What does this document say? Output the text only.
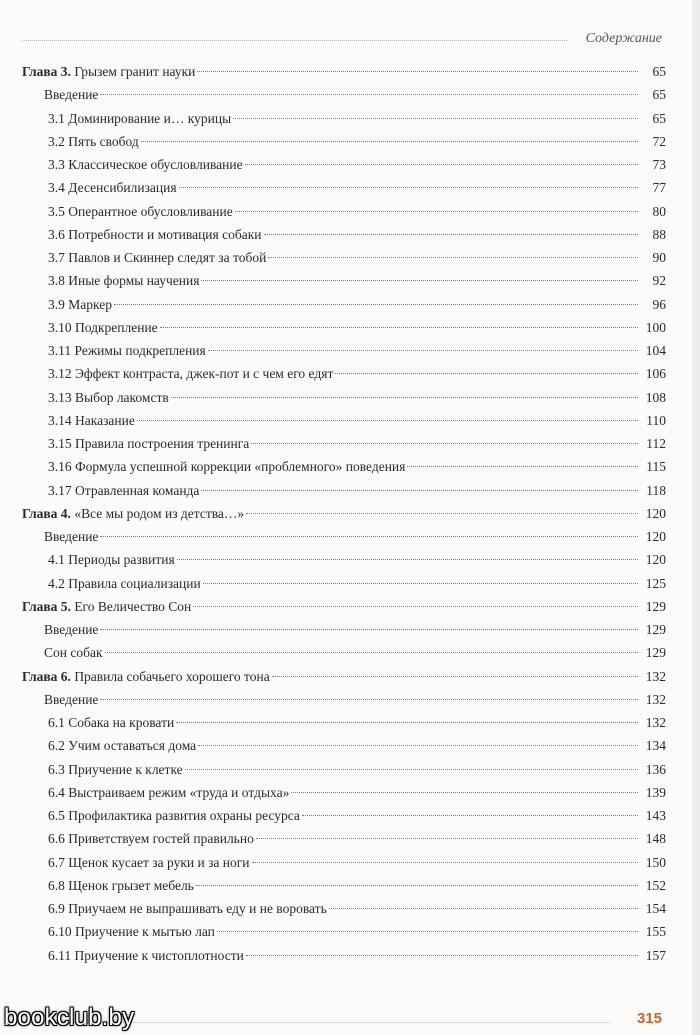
Содержание
Глава 3. Грызем гранит науки	65
Введение	65
3.1 Доминирование и… курицы	65
3.2 Пять свобод	72
3.3 Классическое обусловливание	73
3.4 Десенсибилизация	77
3.5 Оперантное обусловливание	80
3.6 Потребности и мотивация собаки	88
3.7 Павлов и Скиннер следят за тобой	90
3.8 Иные формы научения	92
3.9 Маркер	96
3.10 Подкрепление	100
3.11 Режимы подкрепления	104
3.12 Эффект контраста, джек-пот и с чем его едят	106
3.13 Выбор лакомств	108
3.14 Наказание	110
3.15 Правила построения тренинга	112
3.16 Формула успешной коррекции «проблемного» поведения	115
3.17 Отравленная команда	118
Глава 4. «Все мы родом из детства…»	120
Введение	120
4.1 Периоды развития	120
4.2 Правила социализации	125
Глава 5. Его Величество Сон	129
Введение	129
Сон собак	129
Глава 6. Правила собачьего хорошего тона	132
Введение	132
6.1 Собака на кровати	132
6.2 Учим оставаться дома	134
6.3 Приучение к клетке	136
6.4 Выстраиваем режим «труда и отдыха»	139
6.5 Профилактика развития охраны ресурса	143
6.6 Приветствуем гостей правильно	148
6.7 Щенок кусает за руки и за ноги	150
6.8 Щенок грызет мебель	152
6.9 Приучаем не выпрашивать еду и не воровать	154
6.10 Приучение к мытью лап	155
6.11 Приучение к чистоплотности	157
315
bookclub.by
